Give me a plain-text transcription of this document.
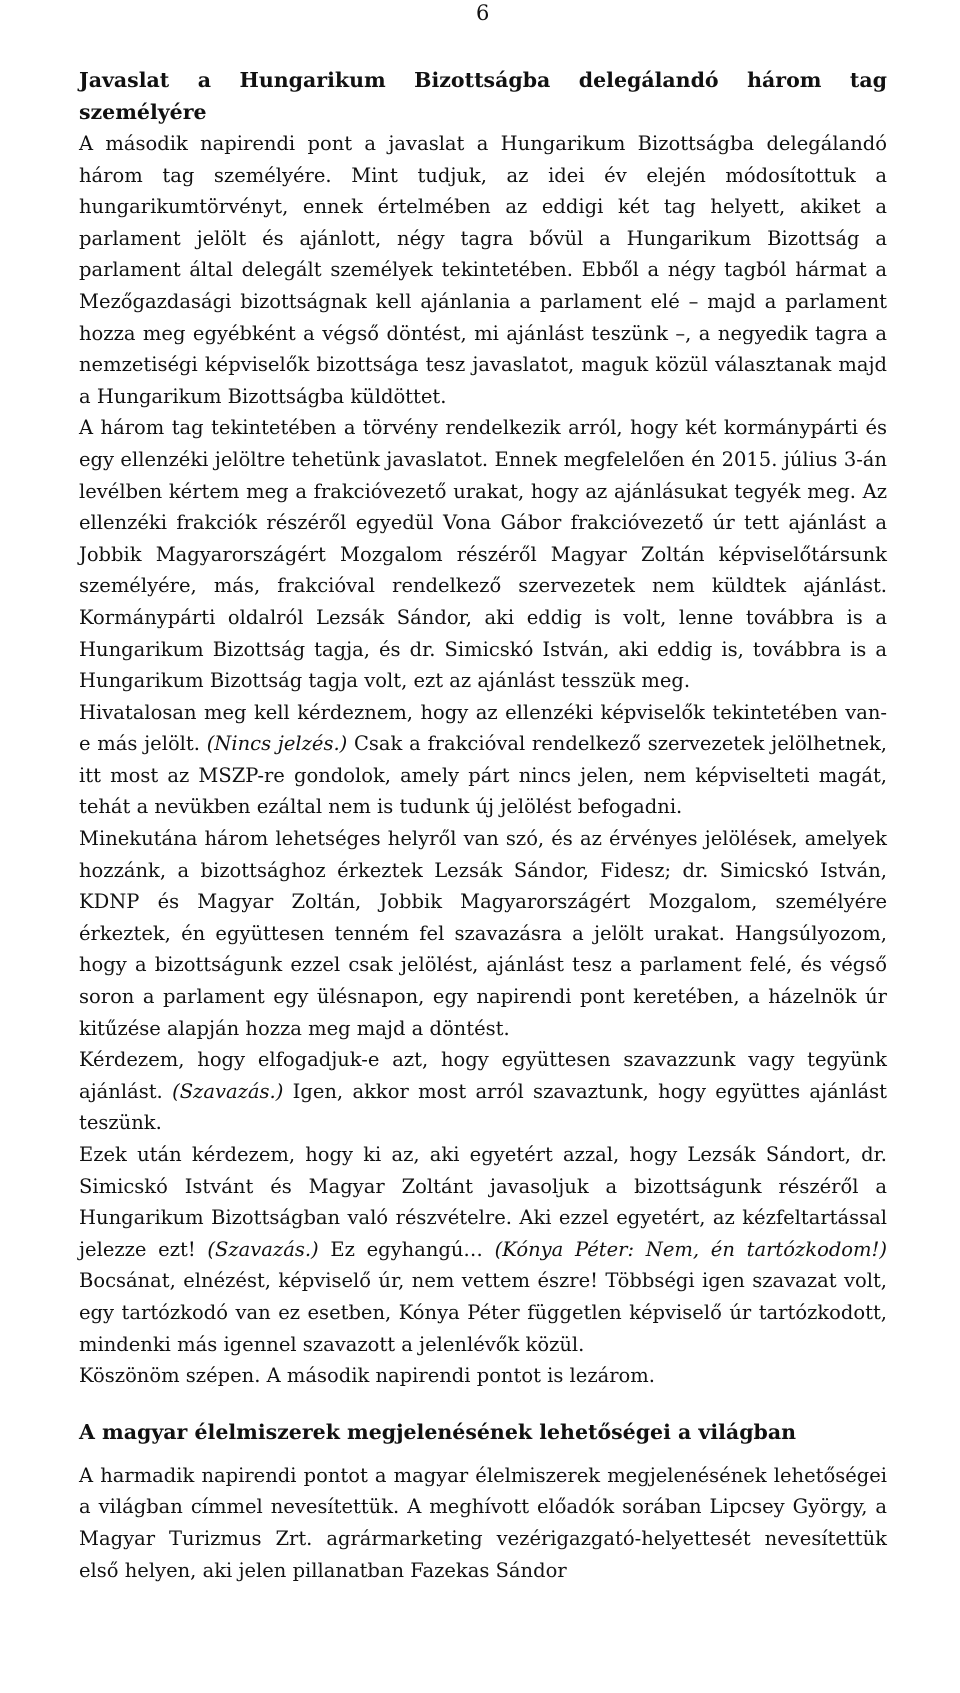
6
Javaslat a Hungarikum Bizottságba delegálandó három tag személyére

A második napirendi pont a javaslat a Hungarikum Bizottságba delegálandó három tag személyére. Mint tudjuk, az idei év elején módosítottuk a hungarikumtörvényt, ennek értelmében az eddigi két tag helyett, akiket a parlament jelölt és ajánlott, négy tagra bővül a Hungarikum Bizottság a parlament által delegált személyek tekintetében. Ebből a négy tagból hármat a Mezőgazdasági bizottságnak kell ajánlania a parlament elé – majd a parlament hozza meg egyébként a végső döntést, mi ajánlást teszünk –, a negyedik tagra a nemzetiségi képviselők bizottsága tesz javaslatot, maguk közül választanak majd a Hungarikum Bizottságba küldöttet.

A három tag tekintetében a törvény rendelkezik arról, hogy két kormánypárti és egy ellenzéki jelöltre tehetünk javaslatot. Ennek megfelelően én 2015. július 3-án levélben kértem meg a frakcióvezető urakat, hogy az ajánlásukat tegyék meg. Az ellenzéki frakciók részéről egyedül Vona Gábor frakcióvezető úr tett ajánlást a Jobbik Magyarországért Mozgalom részéről Magyar Zoltán képviselőtársunk személyére, más, frakcióval rendelkező szervezetek nem küldtek ajánlást. Kormánypárti oldalról Lezsák Sándor, aki eddig is volt, lenne továbbra is a Hungarikum Bizottság tagja, és dr. Simicskó István, aki eddig is, továbbra is a Hungarikum Bizottság tagja volt, ezt az ajánlást tesszük meg.

Hivatalosan meg kell kérdeznem, hogy az ellenzéki képviselők tekintetében van-e más jelölt. (Nincs jelzés.) Csak a frakcióval rendelkező szervezetek jelölhetnek, itt most az MSZP-re gondolok, amely párt nincs jelen, nem képviselteti magát, tehát a nevükben ezáltal nem is tudunk új jelölést befogadni.

Minekutána három lehetséges helyről van szó, és az érvényes jelölések, amelyek hozzánk, a bizottsághoz érkeztek Lezsák Sándor, Fidesz; dr. Simicskó István, KDNP és Magyar Zoltán, Jobbik Magyarországért Mozgalom, személyére érkeztek, én együttesen tenném fel szavazásra a jelölt urakat. Hangsúlyozom, hogy a bizottságunk ezzel csak jelölést, ajánlást tesz a parlament felé, és végső soron a parlament egy ülésnapon, egy napirendi pont keretében, a házelnök úr kitűzése alapján hozza meg majd a döntést.

Kérdezem, hogy elfogadjuk-e azt, hogy együttesen szavazzunk vagy tegyünk ajánlást. (Szavazás.) Igen, akkor most arról szavaztunk, hogy együttes ajánlást teszünk.

Ezek után kérdezem, hogy ki az, aki egyetért azzal, hogy Lezsák Sándort, dr. Simicskó Istvánt és Magyar Zoltánt javasoljuk a bizottságunk részéről a Hungarikum Bizottságban való részvételre. Aki ezzel egyetért, az kézfeltartással jelezze ezt! (Szavazás.) Ez egyhangú… (Kónya Péter: Nem, én tartózkodom!) Bocsánat, elnézést, képviselő úr, nem vettem észre! Többségi igen szavazat volt, egy tartózkodó van ez esetben, Kónya Péter független képviselő úr tartózkodott, mindenki más igennel szavazott a jelenlévők közül.

Köszönöm szépen. A második napirendi pontot is lezárom.

A magyar élelmiszerek megjelenésének lehetőségei a világban

A harmadik napirendi pontot a magyar élelmiszerek megjelenésének lehetőségei a világban címmel nevesítettük. A meghívott előadók sorában Lipcsey György, a Magyar Turizmus Zrt. agrármarketing vezérigazgató-helyettesét nevesítettük első helyen, aki jelen pillanatban Fazekas Sándor
